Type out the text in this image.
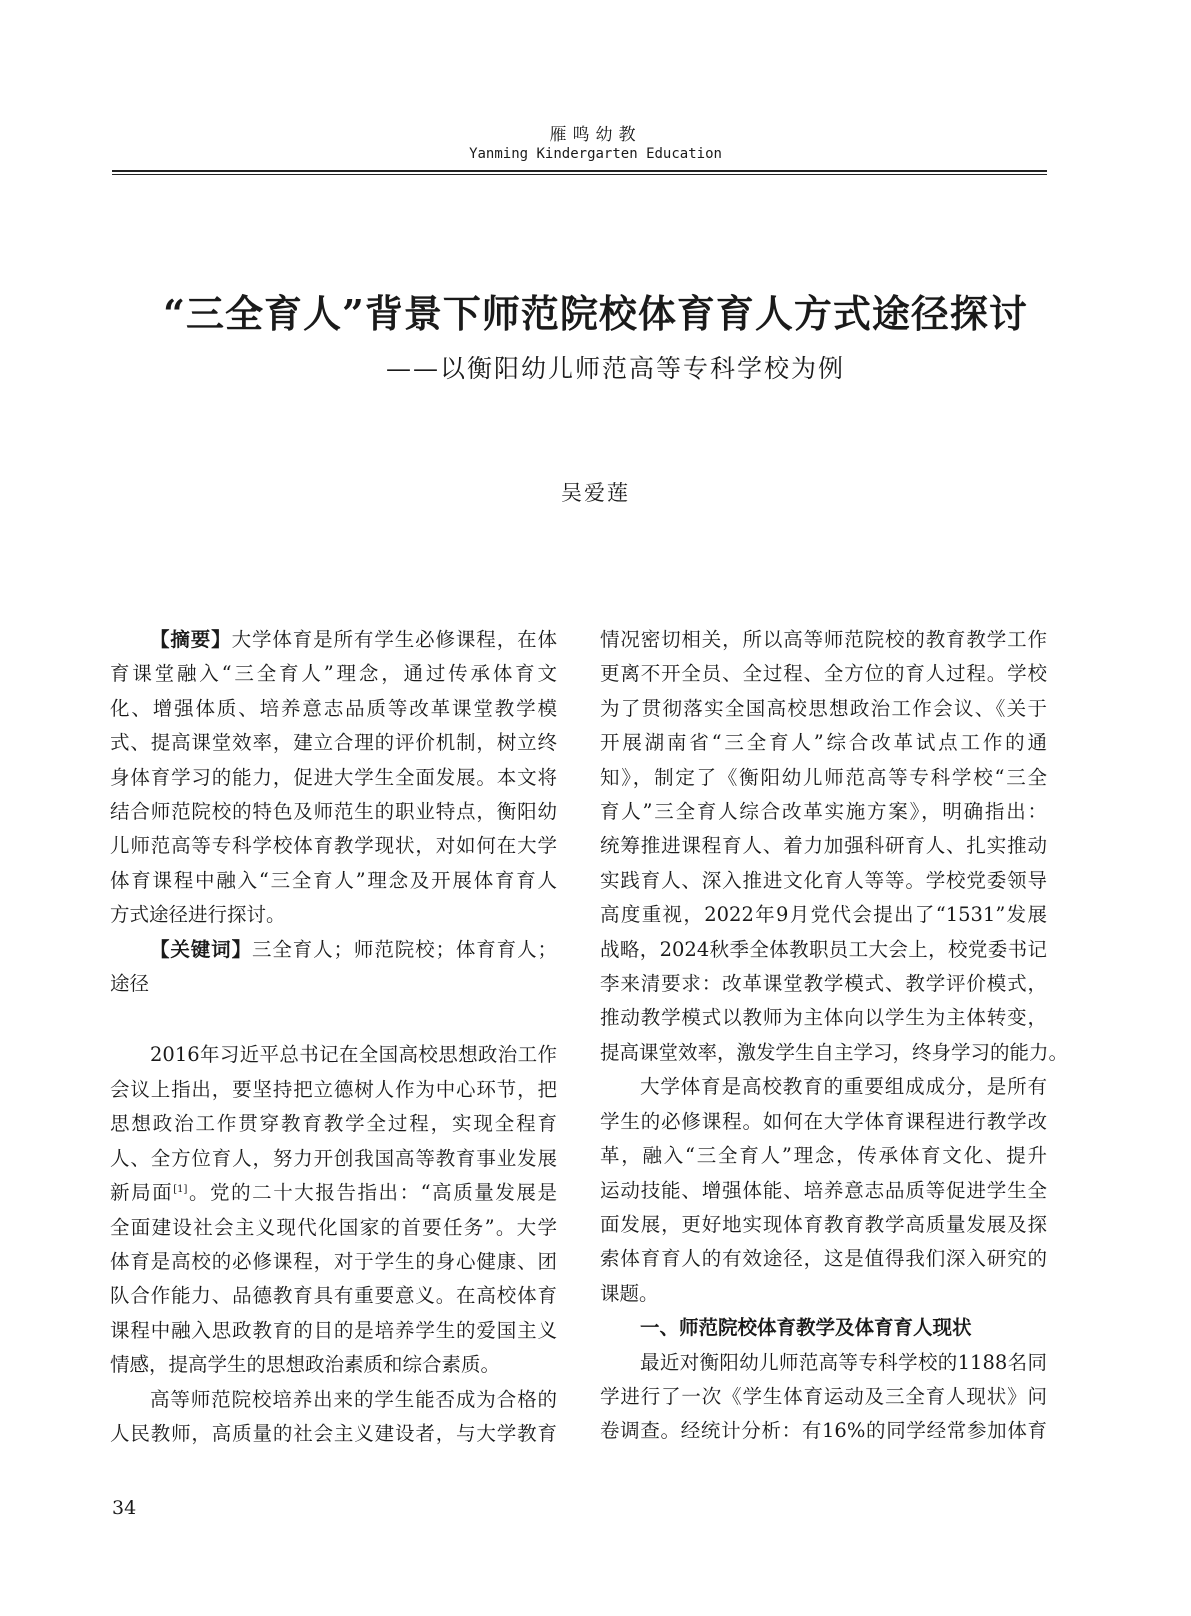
雁鸣幼教
Yanming Kindergarten Education
“三全育人”背景下师范院校体育育人方式途径探讨
——以衡阳幼儿师范高等专科学校为例
吴爱莲
【摘要】大学体育是所有学生必修课程，在体
育课堂融入“三全育人”理念，通过传承体育文
化、增强体质、培养意志品质等改革课堂教学模
式、提高课堂效率，建立合理的评价机制，树立终
身体育学习的能力，促进大学生全面发展。本文将
结合师范院校的特色及师范生的职业特点，衡阳幼
儿师范高等专科学校体育教学现状，对如何在大学
体育课程中融入“三全育人”理念及开展体育育人
方式途径进行探讨。
【关键词】三全育人；师范院校；体育育人；
途径
2016年习近平总书记在全国高校思想政治工作
会议上指出，要坚持把立德树人作为中心环节，把
思想政治工作贯穿教育教学全过程，实现全程育
人、全方位育人，努力开创我国高等教育事业发展
新局面[1]。党的二十大报告指出：“高质量发展是
全面建设社会主义现代化国家的首要任务”。大学
体育是高校的必修课程，对于学生的身心健康、团
队合作能力、品德教育具有重要意义。在高校体育
课程中融入思政教育的目的是培养学生的爱国主义
情感，提高学生的思想政治素质和综合素质。
高等师范院校培养出来的学生能否成为合格的
人民教师，高质量的社会主义建设者，与大学教育
情况密切相关，所以高等师范院校的教育教学工作
更离不开全员、全过程、全方位的育人过程。学校
为了贯彻落实全国高校思想政治工作会议、《关于
开展湖南省“三全育人”综合改革试点工作的通
知》，制定了《衡阳幼儿师范高等专科学校“三全
育人”三全育人综合改革实施方案》，明确指出：
统筹推进课程育人、着力加强科研育人、扎实推动
实践育人、深入推进文化育人等等。学校党委领导
高度重视，2022年9月党代会提出了“1531”发展
战略，2024秋季全体教职员工大会上，校党委书记
李来清要求：改革课堂教学模式、教学评价模式，
推动教学模式以教师为主体向以学生为主体转变，
提高课堂效率，激发学生自主学习，终身学习的能力。
大学体育是高校教育的重要组成成分，是所有
学生的必修课程。如何在大学体育课程进行教学改
革，融入“三全育人”理念，传承体育文化、提升
运动技能、增强体能、培养意志品质等促进学生全
面发展，更好地实现体育教育教学高质量发展及探
索体育育人的有效途径，这是值得我们深入研究的
课题。
一、师范院校体育教学及体育育人现状
最近对衡阳幼儿师范高等专科学校的1188名同
学进行了一次《学生体育运动及三全育人现状》问
卷调查。经统计分析：有16%的同学经常参加体育
34
